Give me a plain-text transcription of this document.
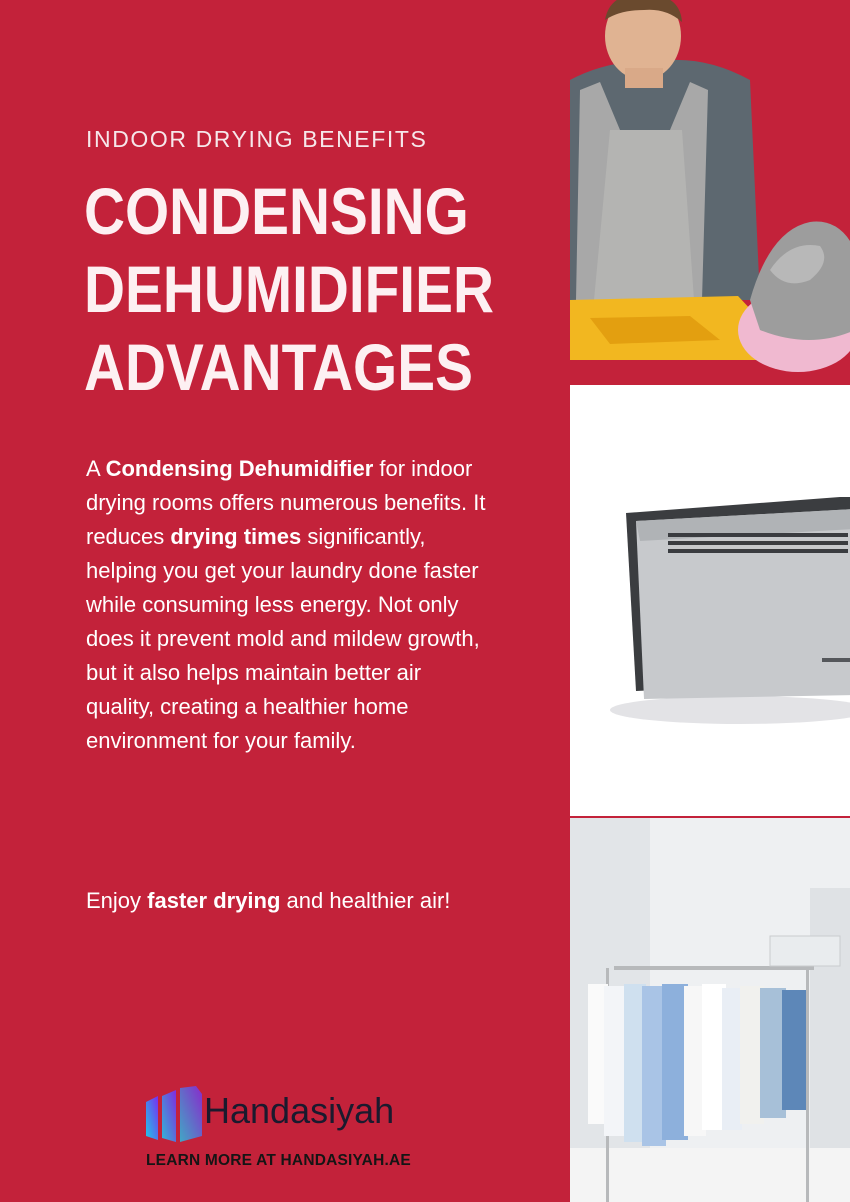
INDOOR DRYING BENEFITS
CONDENSING
DEHUMIDIFIER
ADVANTAGES

A Condensing Dehumidifier for indoor drying rooms offers numerous benefits. It reduces drying times significantly, helping you get your laundry done faster while consuming less energy. Not only does it prevent mold and mildew growth, but it also helps maintain better air quality, creating a healthier home environment for your family.

Enjoy faster drying and healthier air!

Handasiyah
LEARN MORE AT HANDASIYAH.AE
